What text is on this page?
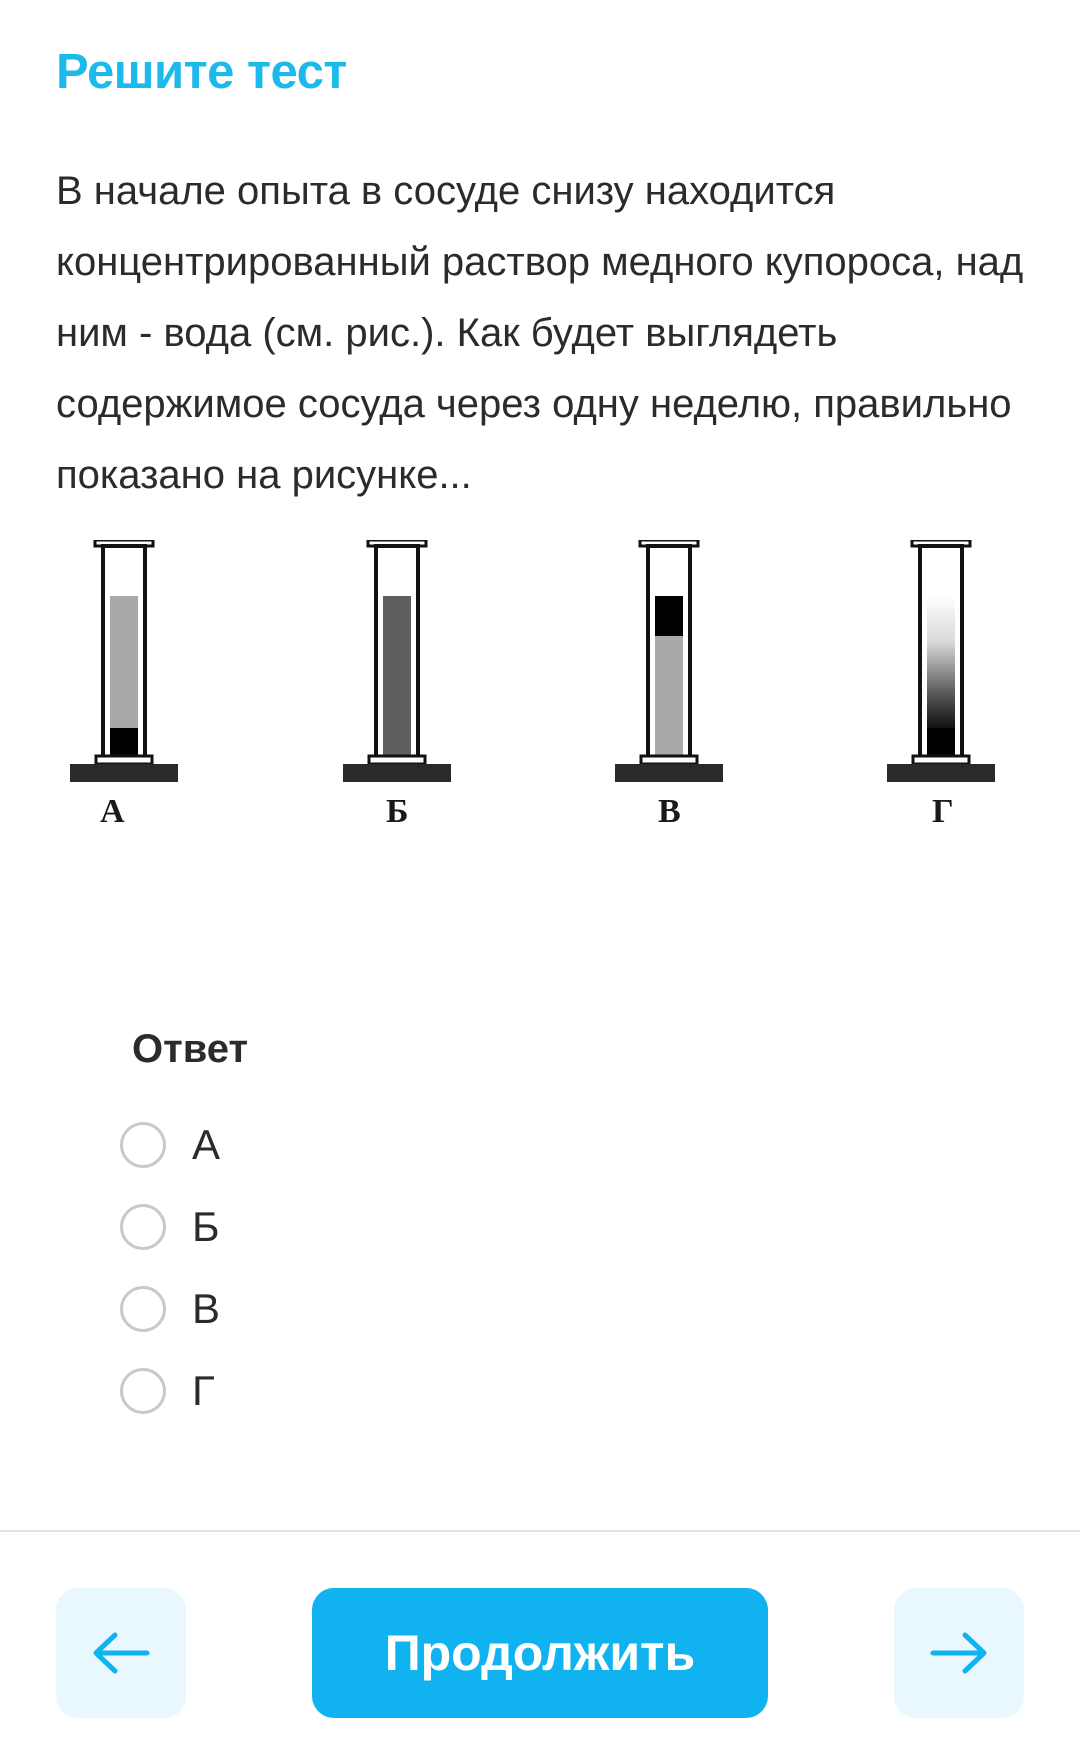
Решите тест

В начале опыта в сосуде снизу находится концентрированный раствор медного купороса, над ним - вода (см. рис.). Как будет выглядеть содержимое сосуда через одну неделю, правильно показано на рисунке...

А	Б	В	Г
Ответ
А
Б
В
Г
Продолжить
